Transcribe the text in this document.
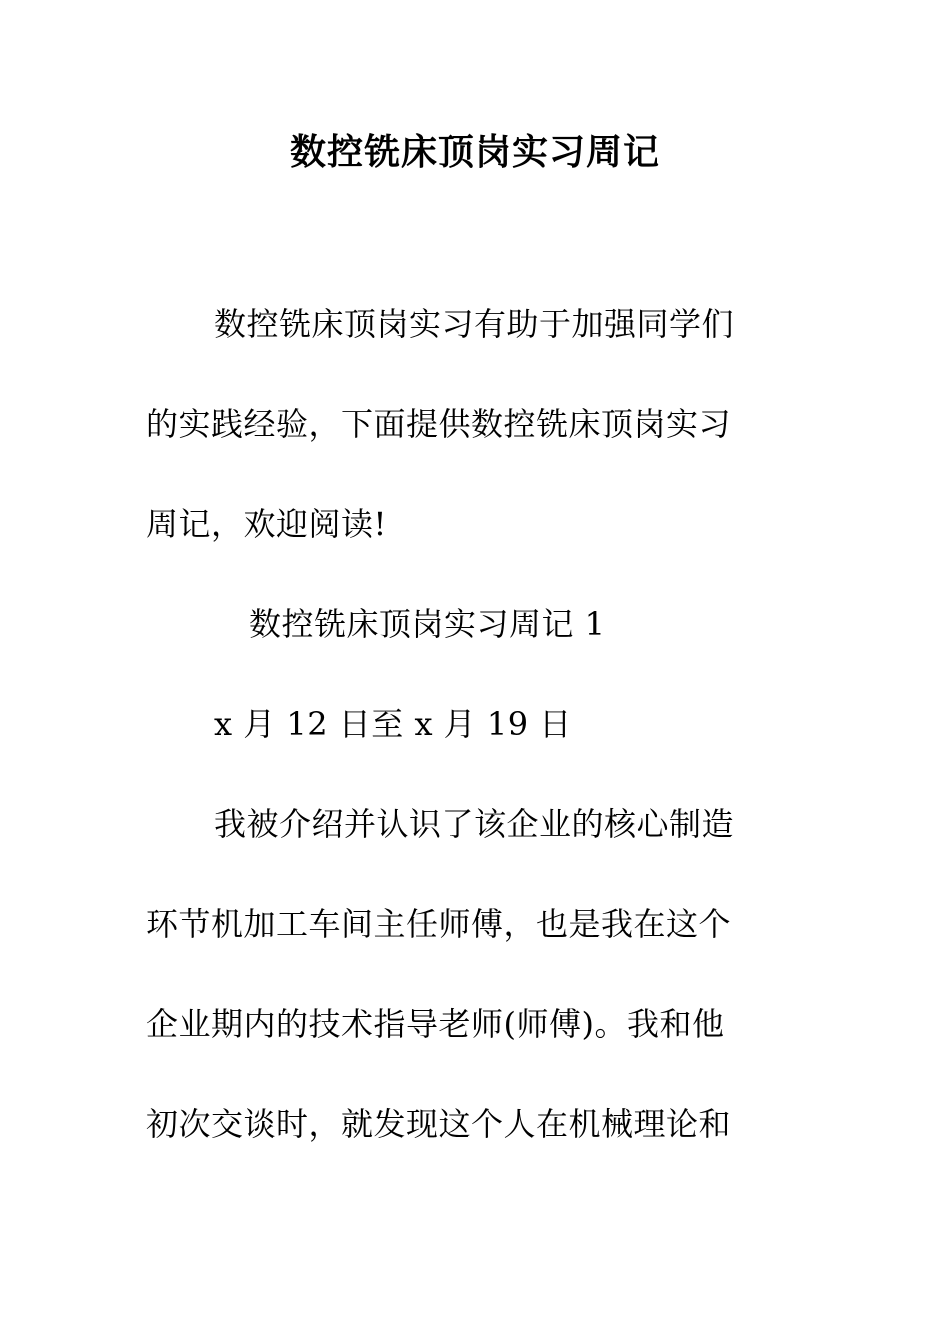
数控铣床顶岗实习周记
数控铣床顶岗实习有助于加强同学们
的实践经验，下面提供数控铣床顶岗实习
周记，欢迎阅读!
数控铣床顶岗实习周记 1
x 月 12 日至 x 月 19 日
我被介绍并认识了该企业的核心制造
环节机加工车间主任师傅，也是我在这个
企业期内的技术指导老师(师傅)。我和他
初次交谈时，就发现这个人在机械理论和
